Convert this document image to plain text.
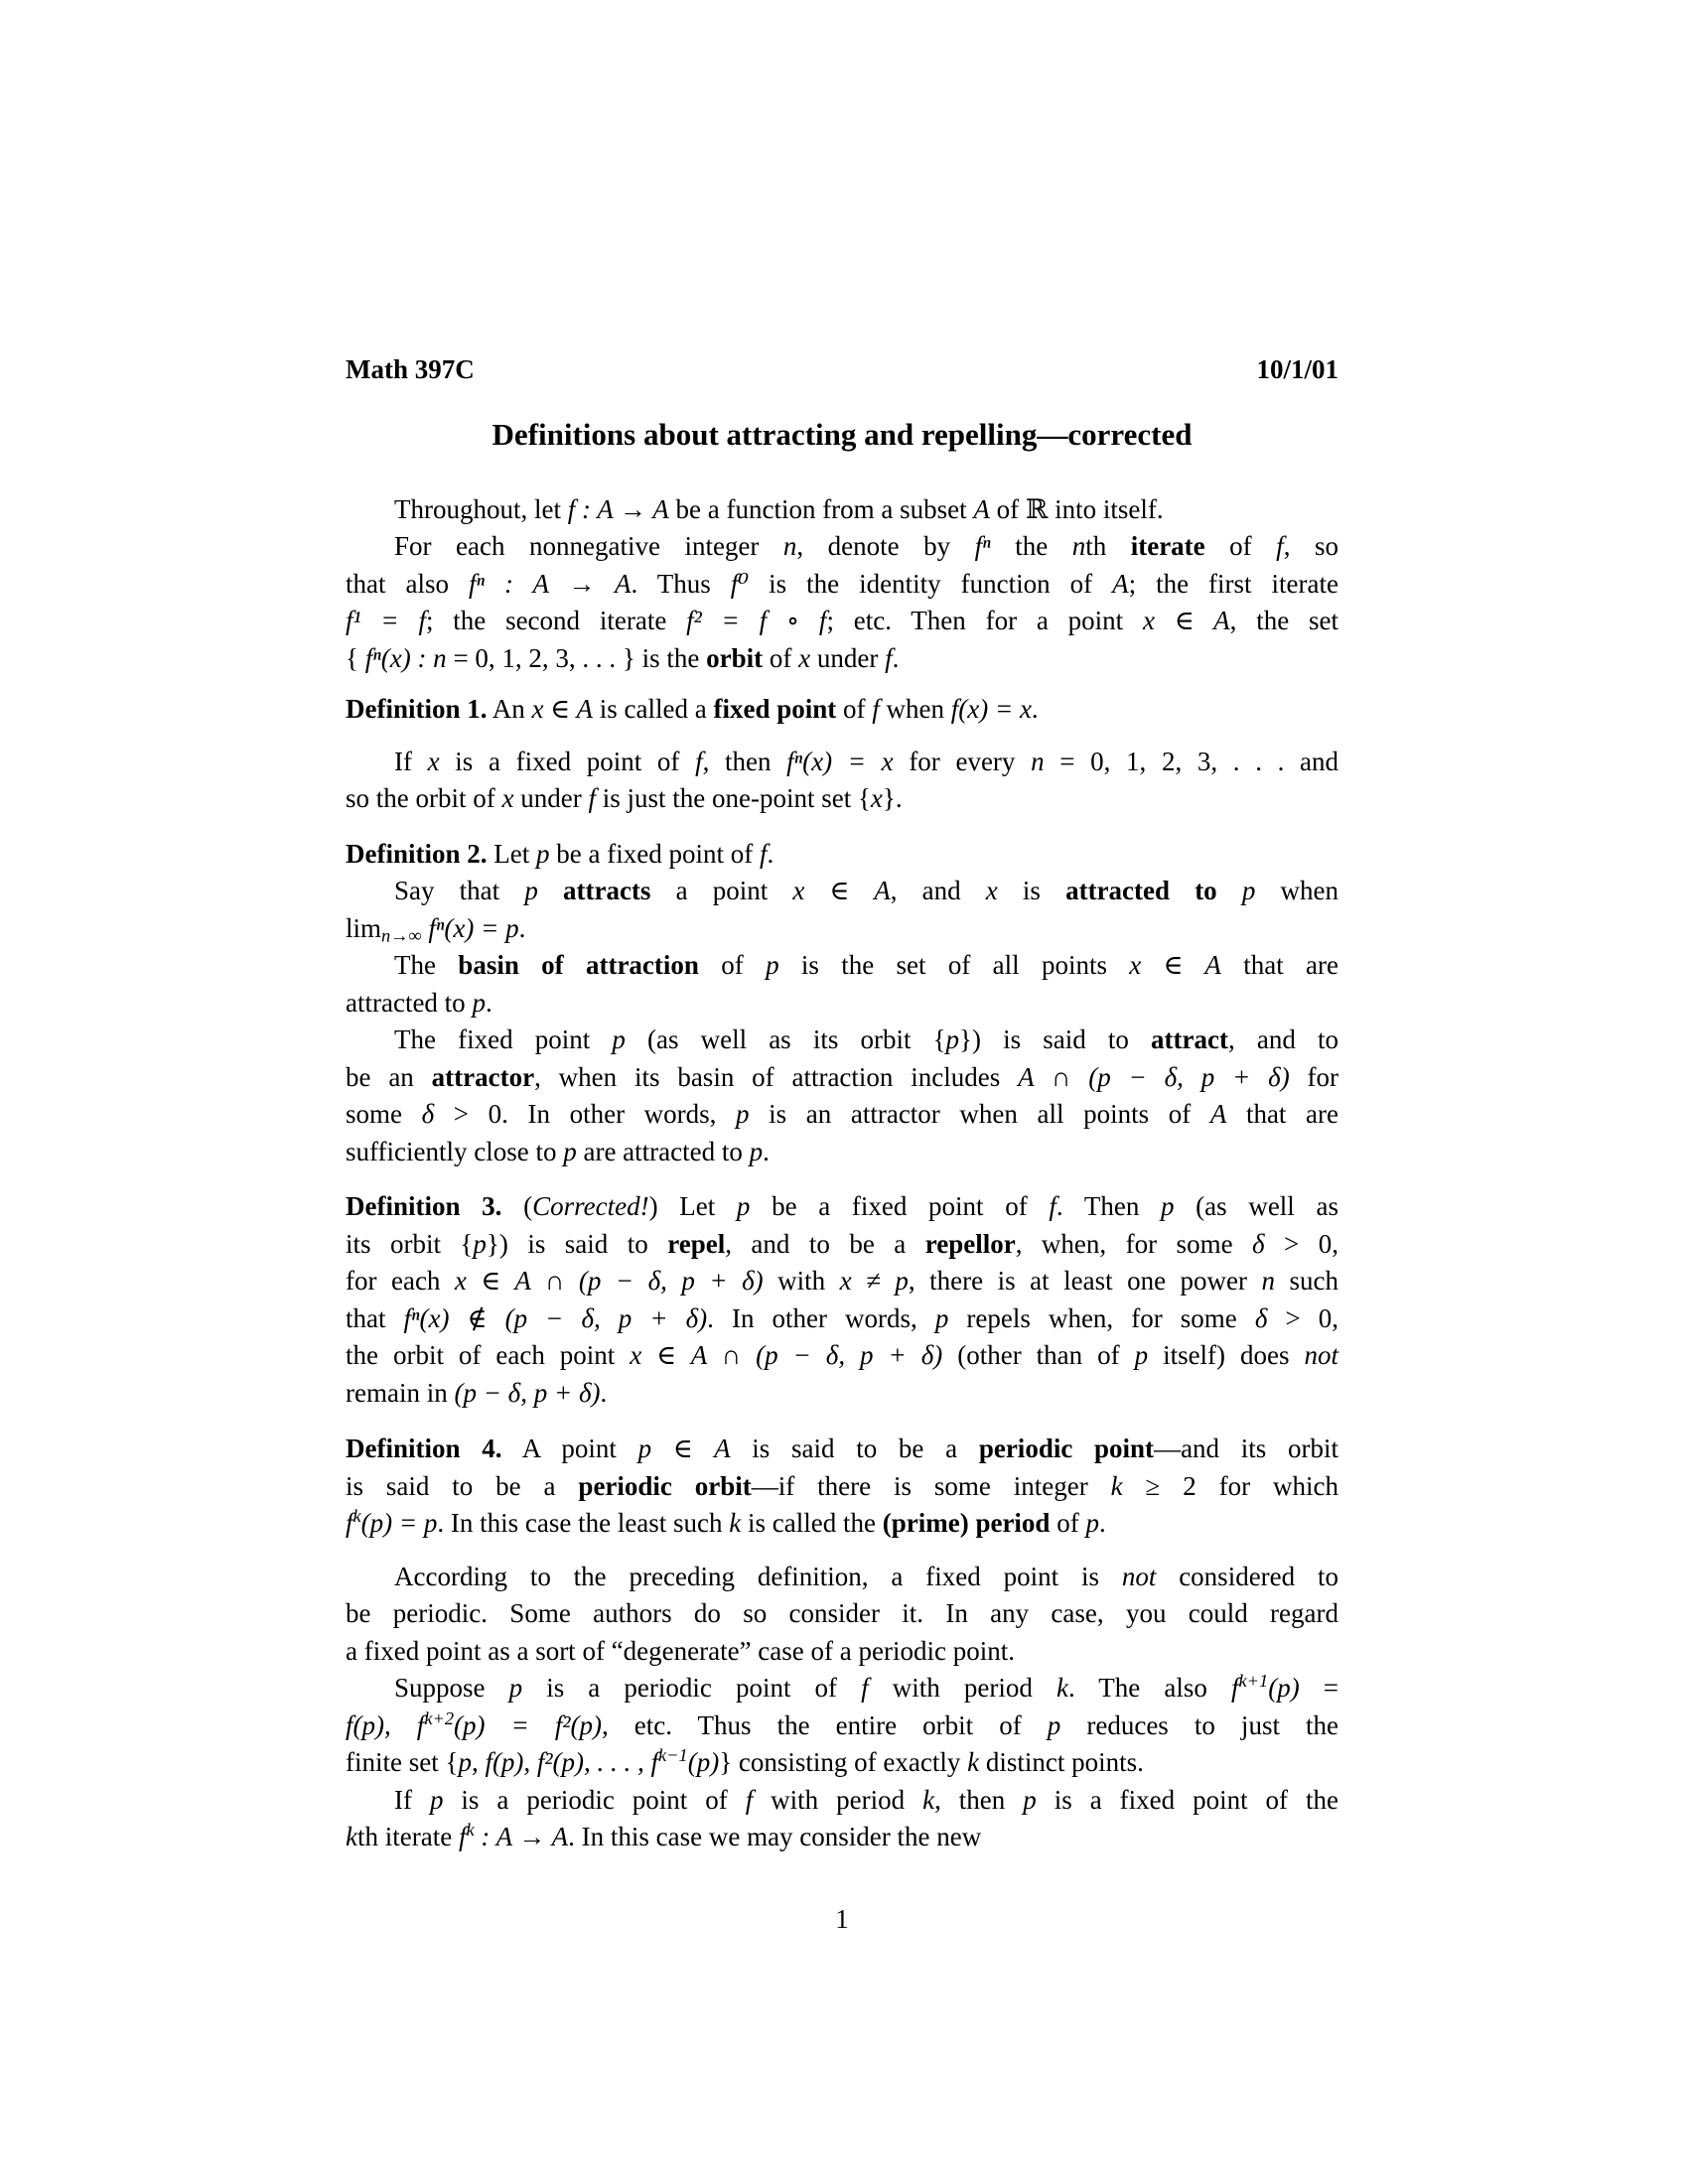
Math 397C	10/1/01
Definitions about attracting and repelling—corrected
Throughout, let f : A → A be a function from a subset A of ℝ into itself.
For each nonnegative integer n, denote by fⁿ the nth iterate of f, so
that also fⁿ : A → A. Thus f⁰ is the identity function of A; the first iterate
f¹ = f; the second iterate f² = f ∘ f; etc. Then for a point x ∈ A, the set
{ fⁿ(x) : n = 0, 1, 2, 3, . . . } is the orbit of x under f.
Definition 1. An x ∈ A is called a fixed point of f when f(x) = x.
If x is a fixed point of f, then fⁿ(x) = x for every n = 0, 1, 2, 3, . . . and
so the orbit of x under f is just the one-point set {x}.
Definition 2. Let p be a fixed point of f.
Say that p attracts a point x ∈ A, and x is attracted to p when
$\lim_{n\to\infty} f^n(x) = p$.
The basin of attraction of p is the set of all points x ∈ A that are
attracted to p.
The fixed point p (as well as its orbit {p}) is said to attract, and to
be an attractor, when its basin of attraction includes A ∩ (p − δ, p + δ) for
some δ > 0. In other words, p is an attractor when all points of A that are
sufficiently close to p are attracted to p.
Definition 3. (Corrected!) Let p be a fixed point of f. Then p (as well as
its orbit {p}) is said to repel, and to be a repellor, when, for some δ > 0,
for each x ∈ A ∩ (p − δ, p + δ) with x ≠ p, there is at least one power n such
that fⁿ(x) ∉ (p − δ, p + δ). In other words, p repels when, for some δ > 0,
the orbit of each point x ∈ A ∩ (p − δ, p + δ) (other than of p itself) does not
remain in (p − δ, p + δ).
Definition 4. A point p ∈ A is said to be a periodic point—and its orbit
is said to be a periodic orbit—if there is some integer k ≥ 2 for which
$f^k(p) = p$. In this case the least such k is called the (prime) period of p.
According to the preceding definition, a fixed point is not considered to
be periodic. Some authors do so consider it. In any case, you could regard
a fixed point as a sort of “degenerate” case of a periodic point.
Suppose p is a periodic point of f with period k. The also $f^{k+1}(p)$ =
f(p), $f^{k+2}(p) = f^2(p)$, etc. Thus the entire orbit of p reduces to just the
finite set {p, f(p), f²(p), . . . , $f^{k-1}(p)$} consisting of exactly k distinct points.
If p is a periodic point of f with period k, then p is a fixed point of the
kth iterate $f^k$ : A → A. In this case we may consider the new
1
